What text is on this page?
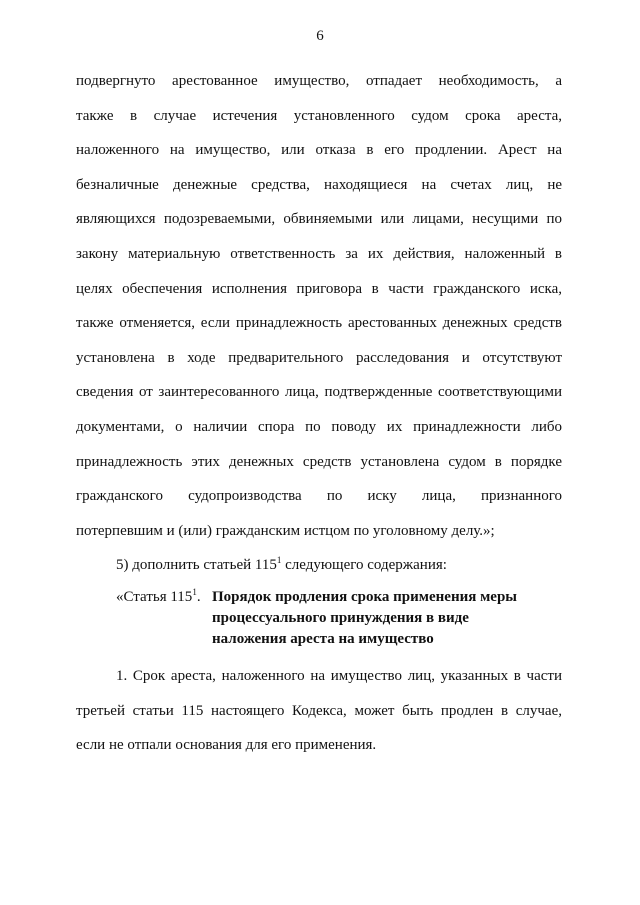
6
подвергнуто арестованное имущество, отпадает необходимость, а
также в случае истечения установленного судом срока ареста,
наложенного на имущество, или отказа в его продлении. Арест на
безналичные денежные средства, находящиеся на счетах лиц, не
являющихся подозреваемыми, обвиняемыми или лицами, несущими по
закону материальную ответственность за их действия, наложенный в
целях обеспечения исполнения приговора в части гражданского иска,
также отменяется, если принадлежность арестованных денежных средств
установлена в ходе предварительного расследования и отсутствуют
сведения от заинтересованного лица, подтвержденные соответствующими
документами, о наличии спора по поводу их принадлежности либо
принадлежность этих денежных средств установлена судом в порядке
гражданского судопроизводства по иску лица, признанного
потерпевшим и (или) гражданским истцом по уголовному делу.»;
5) дополнить статьей $115^1$ следующего содержания:
«Статья $115^1$. Порядок продления срока применения меры
процессуального принуждения в виде
наложения ареста на имущество
1. Срок ареста, наложенного на имущество лиц, указанных в части
третьей статьи 115 настоящего Кодекса, может быть продлен в случае,
если не отпали основания для его применения.
